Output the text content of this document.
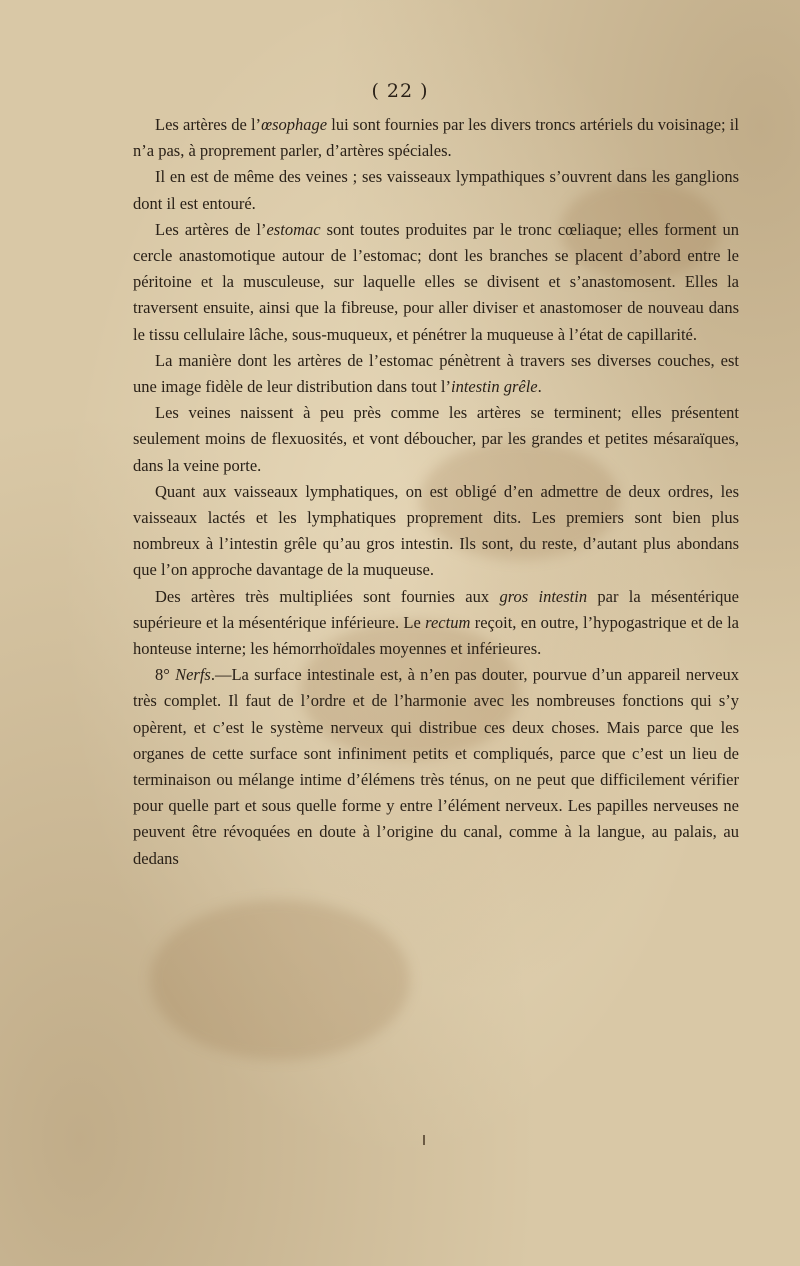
( 22 )

Les artères de l’œsophage lui sont fournies par les divers troncs artériels du voisinage; il n’a pas, à proprement parler, d’artères spéciales.

Il en est de même des veines ; ses vaisseaux lympathiques s’ouvrent dans les ganglions dont il est entouré.

Les artères de l’estomac sont toutes produites par le tronc cœliaque; elles forment un cercle anastomotique autour de l’estomac; dont les branches se placent d’abord entre le péritoine et la musculeuse, sur laquelle elles se divisent et s’anastomosent. Elles la traversent ensuite, ainsi que la fibreuse, pour aller diviser et anastomoser de nouveau dans le tissu cellulaire lâche, sous-muqueux, et pénétrer la muqueuse à l’état de capillarité.

La manière dont les artères de l’estomac pénètrent à travers ses diverses couches, est une image fidèle de leur distribution dans tout l’intestin grêle.

Les veines naissent à peu près comme les artères se terminent; elles présentent seulement moins de flexuosités, et vont déboucher, par les grandes et petites mésaraïques, dans la veine porte.

Quant aux vaisseaux lymphatiques, on est obligé d’en admettre de deux ordres, les vaisseaux lactés et les lymphatiques proprement dits. Les premiers sont bien plus nombreux à l’intestin grêle qu’au gros intestin. Ils sont, du reste, d’autant plus abondans que l’on approche davantage de la muqueuse.

Des artères très multipliées sont fournies aux gros intestin par la mésentérique supérieure et la mésentérique inférieure. Le rectum reçoit, en outre, l’hypogastrique et de la honteuse interne; les hémorrhoïdales moyennes et inférieures.

8° Nerfs.—La surface intestinale est, à n’en pas douter, pourvue d’un appareil nerveux très complet. Il faut de l’ordre et de l’harmonie avec les nombreuses fonctions qui s’y opèrent, et c’est le système nerveux qui distribue ces deux choses. Mais parce que les organes de cette surface sont infiniment petits et compliqués, parce que c’est un lieu de terminaison ou mélange intime d’élémens très ténus, on ne peut que difficilement vérifier pour quelle part et sous quelle forme y entre l’élément nerveux. Les papilles nerveuses ne peuvent être révoquées en doute à l’origine du canal, comme à la langue, au palais, au dedans
